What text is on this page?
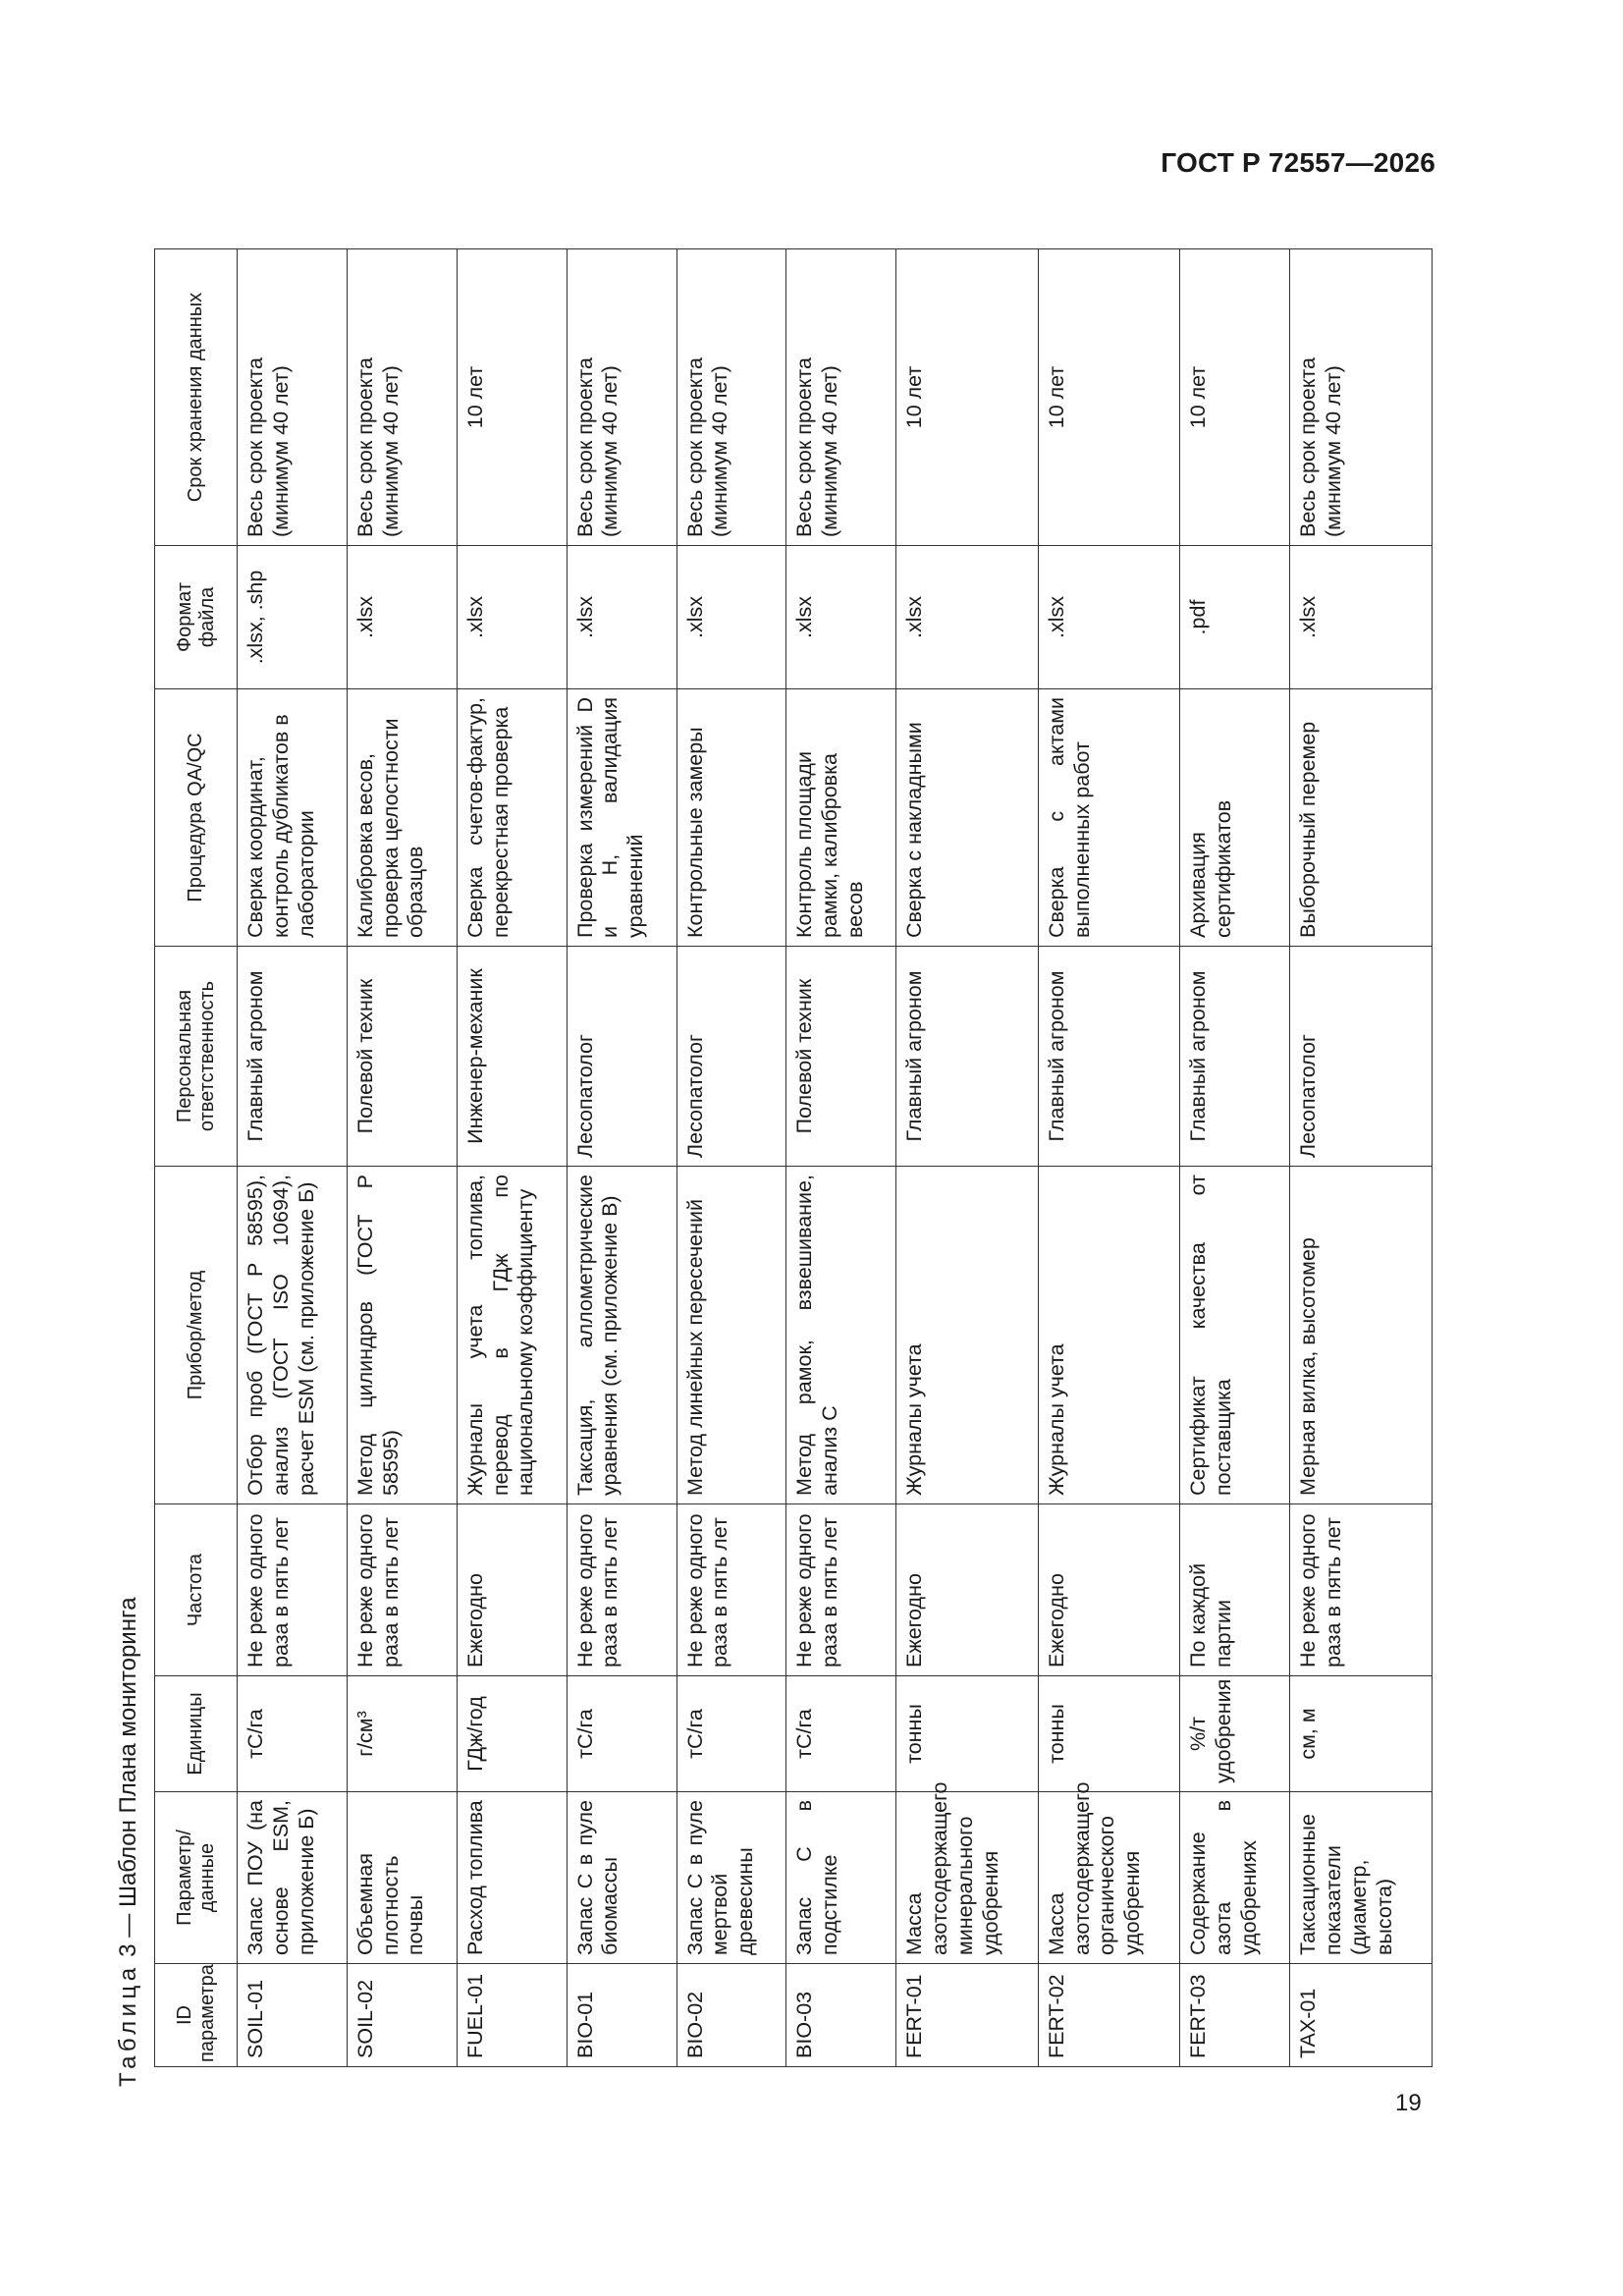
ГОСТ Р 72557—2026
Таблица 3 — Шаблон Плана мониторинга
ID параметра	Параметр/данные	Единицы	Частота	Прибор/метод	Персональная ответственность	Процедура QA/QC	Формат файла	Срок хранения данных
SOIL-01	Запас ПОУ (на основе ESM, приложение Б)	тС/га	Не реже одного раза в пять лет	Отбор проб (ГОСТ Р 58595), анализ (ГОСТ ISO 10694), расчет ESM (см. приложение Б)	Главный агроном	Сверка координат, контроль дубликатов в лаборатории	.xlsx, .shp	Весь срок проекта (минимум 40 лет)
SOIL-02	Объемная плотность почвы	г/см³	Не реже одного раза в пять лет	Метод цилиндров (ГОСТ Р 58595)	Полевой техник	Калибровка весов, проверка целостности образцов	.xlsx	Весь срок проекта (минимум 40 лет)
FUEL-01	Расход топлива	ГДж/год	Ежегодно	Журналы учета топлива, перевод в ГДж по национальному коэффициенту	Инженер-механик	Сверка счетов-фактур, перекрестная проверка	.xlsx	10 лет
BIO-01	Запас С в пуле биомассы	тС/га	Не реже одного раза в пять лет	Таксация, аллометрические уравнения (см. приложение В)	Лесопатолог	Проверка измерений D и H, валидация уравнений	.xlsx	Весь срок проекта (минимум 40 лет)
BIO-02	Запас С в пуле мертвой древесины	тС/га	Не реже одного раза в пять лет	Метод линейных пересечений	Лесопатолог	Контрольные замеры	.xlsx	Весь срок проекта (минимум 40 лет)
BIO-03	Запас С в подстилке	тС/га	Не реже одного раза в пять лет	Метод рамок, взвешивание, анализ С	Полевой техник	Контроль площади рамки, калибровка весов	.xlsx	Весь срок проекта (минимум 40 лет)
FERT-01	Масса азотсодержащего минерального удобрения	тонны	Ежегодно	Журналы учета	Главный агроном	Сверка с накладными	.xlsx	10 лет
FERT-02	Масса азотсодержащего органического удобрения	тонны	Ежегодно	Журналы учета	Главный агроном	Сверка с актами выполненных работ	.xlsx	10 лет
FERT-03	Содержание азота в удобрениях	%/т удобрения	По каждой партии	Сертификат качества от поставщика	Главный агроном	Архивация сертификатов	.pdf	10 лет
TAX-01	Таксационные показатели (диаметр, высота)	см, м	Не реже одного раза в пять лет	Мерная вилка, высотомер	Лесопатолог	Выборочный перемер	.xlsx	Весь срок проекта (минимум 40 лет)
19
